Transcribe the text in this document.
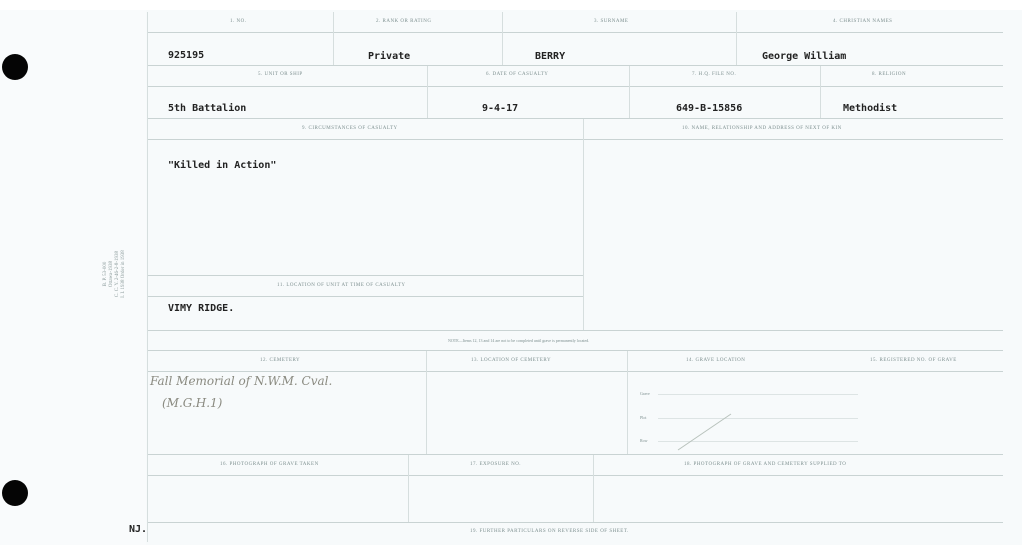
B. P. 53-000 Ottawa-1938 C. C. Y. 2-46-2-8-1938 I. I. 1938 Order in 1938
1. NO.	2. RANK OR RATING	3. SURNAME	4. CHRISTIAN NAMES
925195	Private	BERRY	George William
5. UNIT OR SHIP	6. DATE OF CASUALTY	7. H.Q. FILE NO.	8. RELIGION
5th Battalion	9-4-17	649-B-15856	Methodist
9. CIRCUMSTANCES OF CASUALTY	10. NAME, RELATIONSHIP AND ADDRESS OF NEXT OF KIN
"Killed in Action"
11. LOCATION OF UNIT AT TIME OF CASUALTY
VIMY RIDGE.
NOTE—Items 12, 13 and 14 are not to be completed until grave is permanently located.
12. CEMETERY	13. LOCATION OF CEMETERY	14. GRAVE LOCATION	15. REGISTERED NO. OF GRAVE
Fall Memorial of N.W.M. Cval.
(M.G.H.1)
Grave
Plot
Row
16. PHOTOGRAPH OF GRAVE TAKEN	17. EXPOSURE NO.	18. PHOTOGRAPH OF GRAVE AND CEMETERY SUPPLIED TO
19. FURTHER PARTICULARS ON REVERSE SIDE OF SHEET.
NJ.
